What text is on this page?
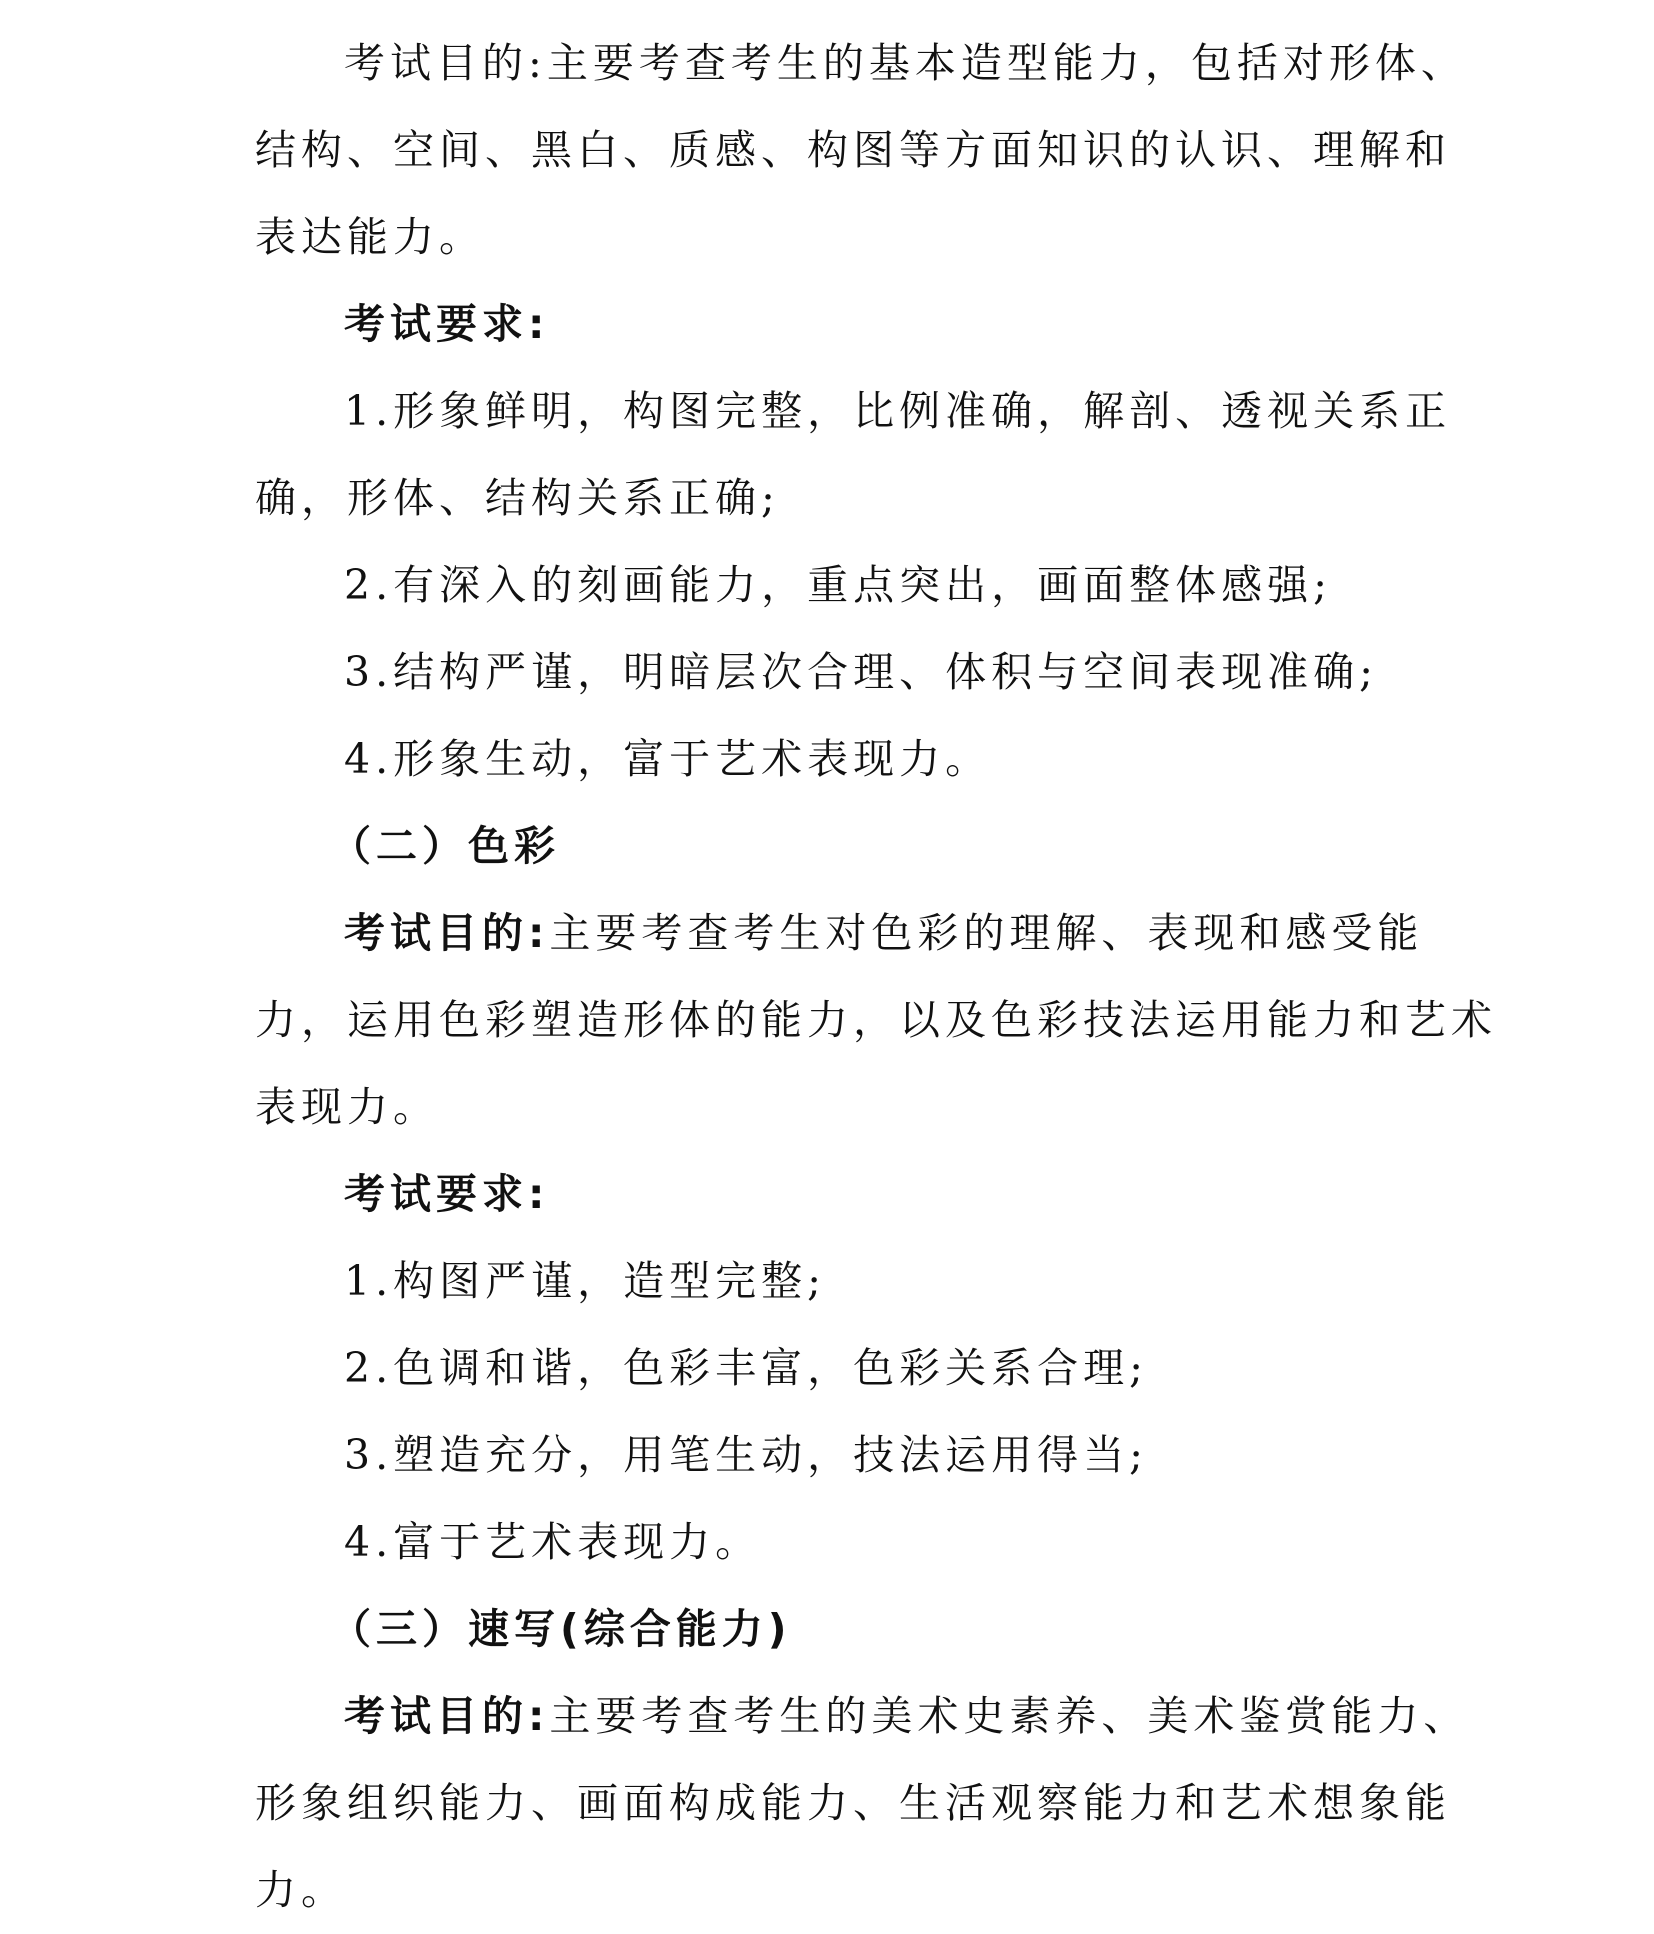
考试目的:主要考查考生的基本造型能力，包括对形体、
结构、空间、黑白、质感、构图等方面知识的认识、理解和
表达能力。
考试要求:
1.形象鲜明，构图完整，比例准确，解剖、透视关系正
确，形体、结构关系正确;
2.有深入的刻画能力，重点突出，画面整体感强;
3.结构严谨，明暗层次合理、体积与空间表现准确;
4.形象生动，富于艺术表现力。
（二）色彩
考试目的:主要考查考生对色彩的理解、表现和感受能
力，运用色彩塑造形体的能力，以及色彩技法运用能力和艺术
表现力。
考试要求:
1.构图严谨，造型完整;
2.色调和谐，色彩丰富，色彩关系合理;
3.塑造充分，用笔生动，技法运用得当;
4.富于艺术表现力。
（三）速写(综合能力)
考试目的:主要考查考生的美术史素养、美术鉴赏能力、
形象组织能力、画面构成能力、生活观察能力和艺术想象能
力。
